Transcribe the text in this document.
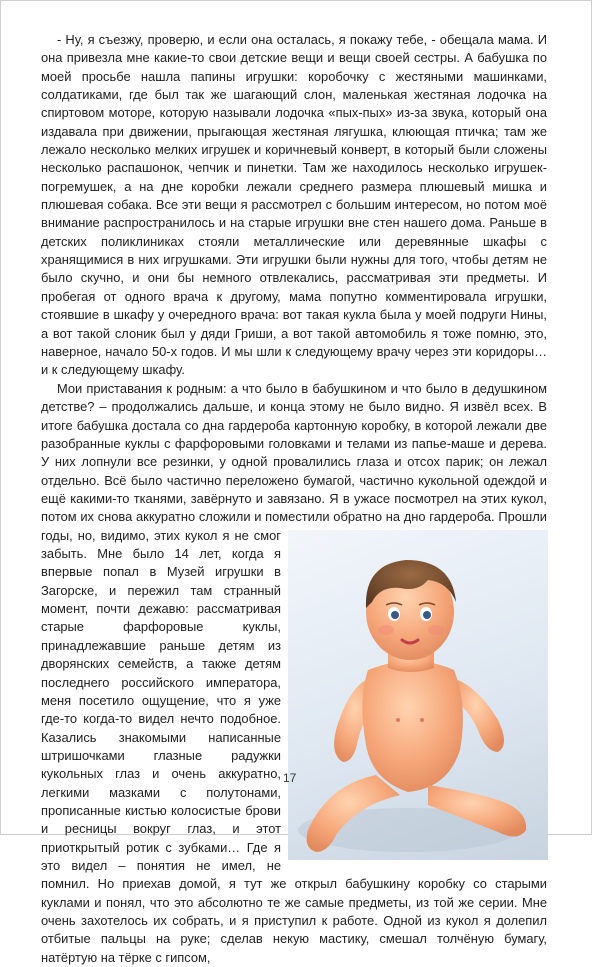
- Ну, я съезжу, проверю, и если она осталась, я покажу тебе, - обещала мама. И она привезла мне какие-то свои детские вещи и вещи своей сестры. А бабушка по моей просьбе нашла папины игрушки: коробочку с жестяными машинками, солдатиками, где был так же шагающий слон, маленькая жестяная лодочка на спиртовом моторе, которую называли лодочка «пых-пых» из-за звука, который она издавала при движении, прыгающая жестяная лягушка, клюющая птичка; там же лежало несколько мелких игрушек и коричневый конверт, в который были сложены несколько распашонок, чепчик и пинетки. Там же находилось несколько игрушек-погремушек, а на дне коробки лежали среднего размера плюшевый мишка и плюшевая собака. Все эти вещи я рассмотрел с большим интересом, но потом моё внимание распространилось и на старые игрушки вне стен нашего дома. Раньше в детских поликлиниках стояли металлические или деревянные шкафы с хранящимися в них игрушками. Эти игрушки были нужны для того, чтобы детям не было скучно, и они бы немного отвлекались, рассматривая эти предметы. И пробегая от одного врача к другому, мама попутно комментировала игрушки, стоявшие в шкафу у очередного врача: вот такая кукла была у моей подруги Нины, а вот такой слоник был у дяди Гриши, а вот такой автомобиль я тоже помню, это, наверное, начало 50-х годов. И мы шли к следующему врачу через эти коридоры… и к следующему шкафу.

Мои приставания к родным: а что было в бабушкином и что было в дедушкином детстве? – продолжались дальше, и конца этому не было видно. Я извёл всех. В итоге бабушка достала со дна гардероба картонную коробку, в которой лежали две разобранные куклы с фарфоровыми головками и телами из папье-маше и дерева. У них лопнули все резинки, у одной провалились глаза и отсох парик; он лежал отдельно. Всё было частично переложено бумагой, частично кукольной одеждой и ещё какими-то тканями, завёрнуто и завязано. Я в ужасе посмотрел на этих кукол, потом их снова аккуратно сложили и поместили обратно на дно гардероба. Прошли годы, но, видимо, этих кукол я не смог забыть. Мне было 14 лет, когда я впервые попал в Музей игрушки в Загорске, и пережил там странный момент, почти дежавю: рассматривая старые фарфоровые куклы, принадлежавшие раньше детям из дворянских семейств, а также детям последнего российского императора, меня посетило ощущение, что я уже где-то когда-то видел нечто подобное. Казались знакомыми написанные штришочками глазные радужки кукольных глаз и очень аккуратно, легкими мазками с полутонами, прописанные кистью колосистые брови и ресницы вокруг глаз, и этот приоткрытый ротик с зубками… Где я это видел – понятия не имел, не помнил. Но приехав домой, я тут же открыл бабушкину коробку со старыми куклами и понял, что это абсолютно те же самые предметы, из той же серии. Мне очень захотелось их собрать, и я приступил к работе. Одной из кукол я долепил отбитые пальцы на руке; сделав некую мастику, смешал толчёную бумагу, натёртую на тёрке с гипсом,
17
